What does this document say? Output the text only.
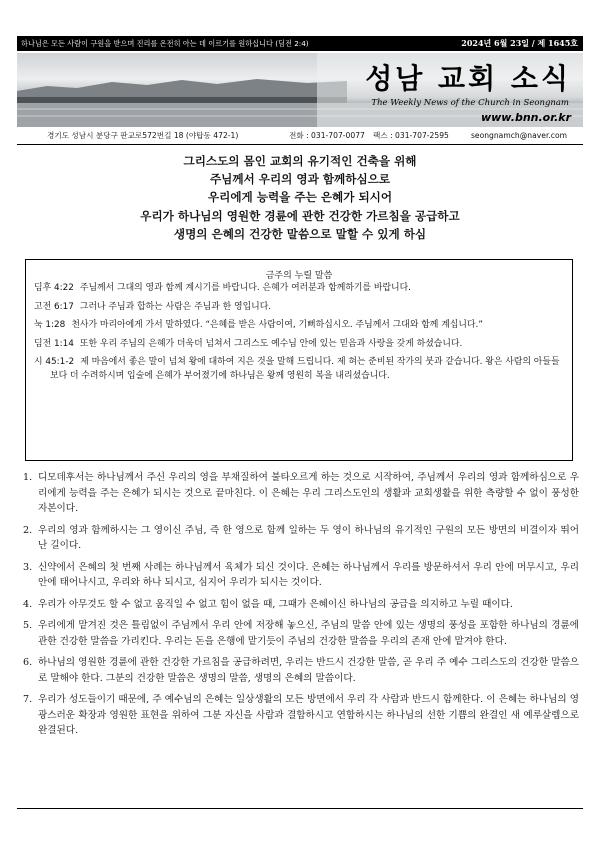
하나님은 모든 사람이 구원을 받으며 진리를 온전히 아는 데 이르기를 원하십니다 (딤전 2:4)	2024년 6월 23일 / 제 1645호
성남 교회 소식
The Weekly News of the Church in Seongnam
www.bnn.or.kr
경기도 성남시 분당구 판교로572번길 18 (야탑동 472-1)	전화 : 031-707-0077 팩스 : 031-707-2595	seongnamch@naver.com
그리스도의 몸인 교회의 유기적인 건축을 위해
주님께서 우리의 영과 함께하심으로
우리에게 능력을 주는 은혜가 되시어
우리가 하나님의 영원한 경륜에 관한 건강한 가르침을 공급하고
생명의 은혜의 건강한 말씀으로 말할 수 있게 하심
금주의 누릴 말씀
딤후 4:22 주님께서 그대의 영과 함께 계시기를 바랍니다. 은혜가 여러분과 함께하기를 바랍니다.
고전 6:17 그러나 주님과 합하는 사람은 주님과 한 영입니다.
눅 1:28 천사가 마리아에게 가서 말하였다. “은혜를 받은 사람이여, 기뻐하십시오. 주님께서 그대와 함께 계십니다.”
딤전 1:14 또한 우리 주님의 은혜가 더욱더 넘쳐서 그리스도 예수님 안에 있는 믿음과 사랑을 갖게 하셨습니다.
시 45:1-2 제 마음에서 좋은 말이 넘쳐 왕에 대하여 지은 것을 말해 드립니다. 제 혀는 준비된 작가의 붓과 같습니다. 왕은 사람의 아들들보다 더 수려하시며 입술에 은혜가 부어졌기에 하나님은 왕께 영원히 복을 내리셨습니다.
1. 디모데후서는 하나님께서 주신 우리의 영을 부채질하여 불타오르게 하는 것으로 시작하여, 주님께서 우리의 영과 함께하심으로 우리에게 능력을 주는 은혜가 되시는 것으로 끝마친다. 이 은혜는 우리 그리스도인의 생활과 교회생활을 위한 측량할 수 없이 풍성한 자본이다.
2. 우리의 영과 함께하시는 그 영이신 주님, 즉 한 영으로 함께 일하는 두 영이 하나님의 유기적인 구원의 모든 방면의 비결이자 뛰어난 길이다.
3. 신약에서 은혜의 첫 번째 사례는 하나님께서 육체가 되신 것이다. 은혜는 하나님께서 우리를 방문하셔서 우리 안에 머무시고, 우리 안에 태어나시고, 우리와 하나 되시고, 심지어 우리가 되시는 것이다.
4. 우리가 아무것도 할 수 없고 움직일 수 없고 힘이 없을 때, 그때가 은혜이신 하나님의 공급을 의지하고 누릴 때이다.
5. 우리에게 맡겨진 것은 틀림없이 주님께서 우리 안에 저장해 놓으신, 주님의 말씀 안에 있는 생명의 풍성을 포함한 하나님의 경륜에 관한 건강한 말씀을 가리킨다. 우리는 돈을 은행에 맡기듯이 주님의 건강한 말씀을 우리의 존재 안에 맡겨야 한다.
6. 하나님의 영원한 경륜에 관한 건강한 가르침을 공급하려면, 우리는 반드시 건강한 말씀, 곧 우리 주 예수 그리스도의 건강한 말씀으로 말해야 한다. 그분의 건강한 말씀은 생명의 말씀, 생명의 은혜의 말씀이다.
7. 우리가 성도들이기 때문에, 주 예수님의 은혜는 일상생활의 모든 방면에서 우리 각 사람과 반드시 함께한다. 이 은혜는 하나님의 영광스러운 확장과 영원한 표현을 위하여 그분 자신을 사람과 결합하시고 연합하시는 하나님의 선한 기쁨의 완결인 새 예루살렘으로 완결된다.
